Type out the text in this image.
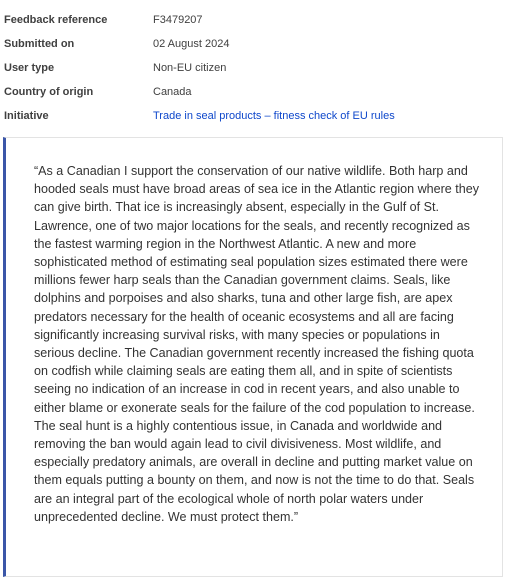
Feedback reference	F3479207
Submitted on	02 August 2024
User type	Non-EU citizen
Country of origin	Canada
Initiative	Trade in seal products – fitness check of EU rules

“As a Canadian I support the conservation of our native wildlife. Both harp and hooded seals must have broad areas of sea ice in the Atlantic region where they can give birth. That ice is increasingly absent, especially in the Gulf of St. Lawrence, one of two major locations for the seals, and recently recognized as the fastest warming region in the Northwest Atlantic. A new and more sophisticated method of estimating seal population sizes estimated there were millions fewer harp seals than the Canadian government claims. Seals, like dolphins and porpoises and also sharks, tuna and other large fish, are apex predators necessary for the health of oceanic ecosystems and all are facing significantly increasing survival risks, with many species or populations in serious decline. The Canadian government recently increased the fishing quota on codfish while claiming seals are eating them all, and in spite of scientists seeing no indication of an increase in cod in recent years, and also unable to either blame or exonerate seals for the failure of the cod population to increase. The seal hunt is a highly contentious issue, in Canada and worldwide and removing the ban would again lead to civil divisiveness. Most wildlife, and especially predatory animals, are overall in decline and putting market value on them equals putting a bounty on them, and now is not the time to do that. Seals are an integral part of the ecological whole of north polar waters under unprecedented decline. We must protect them.”
